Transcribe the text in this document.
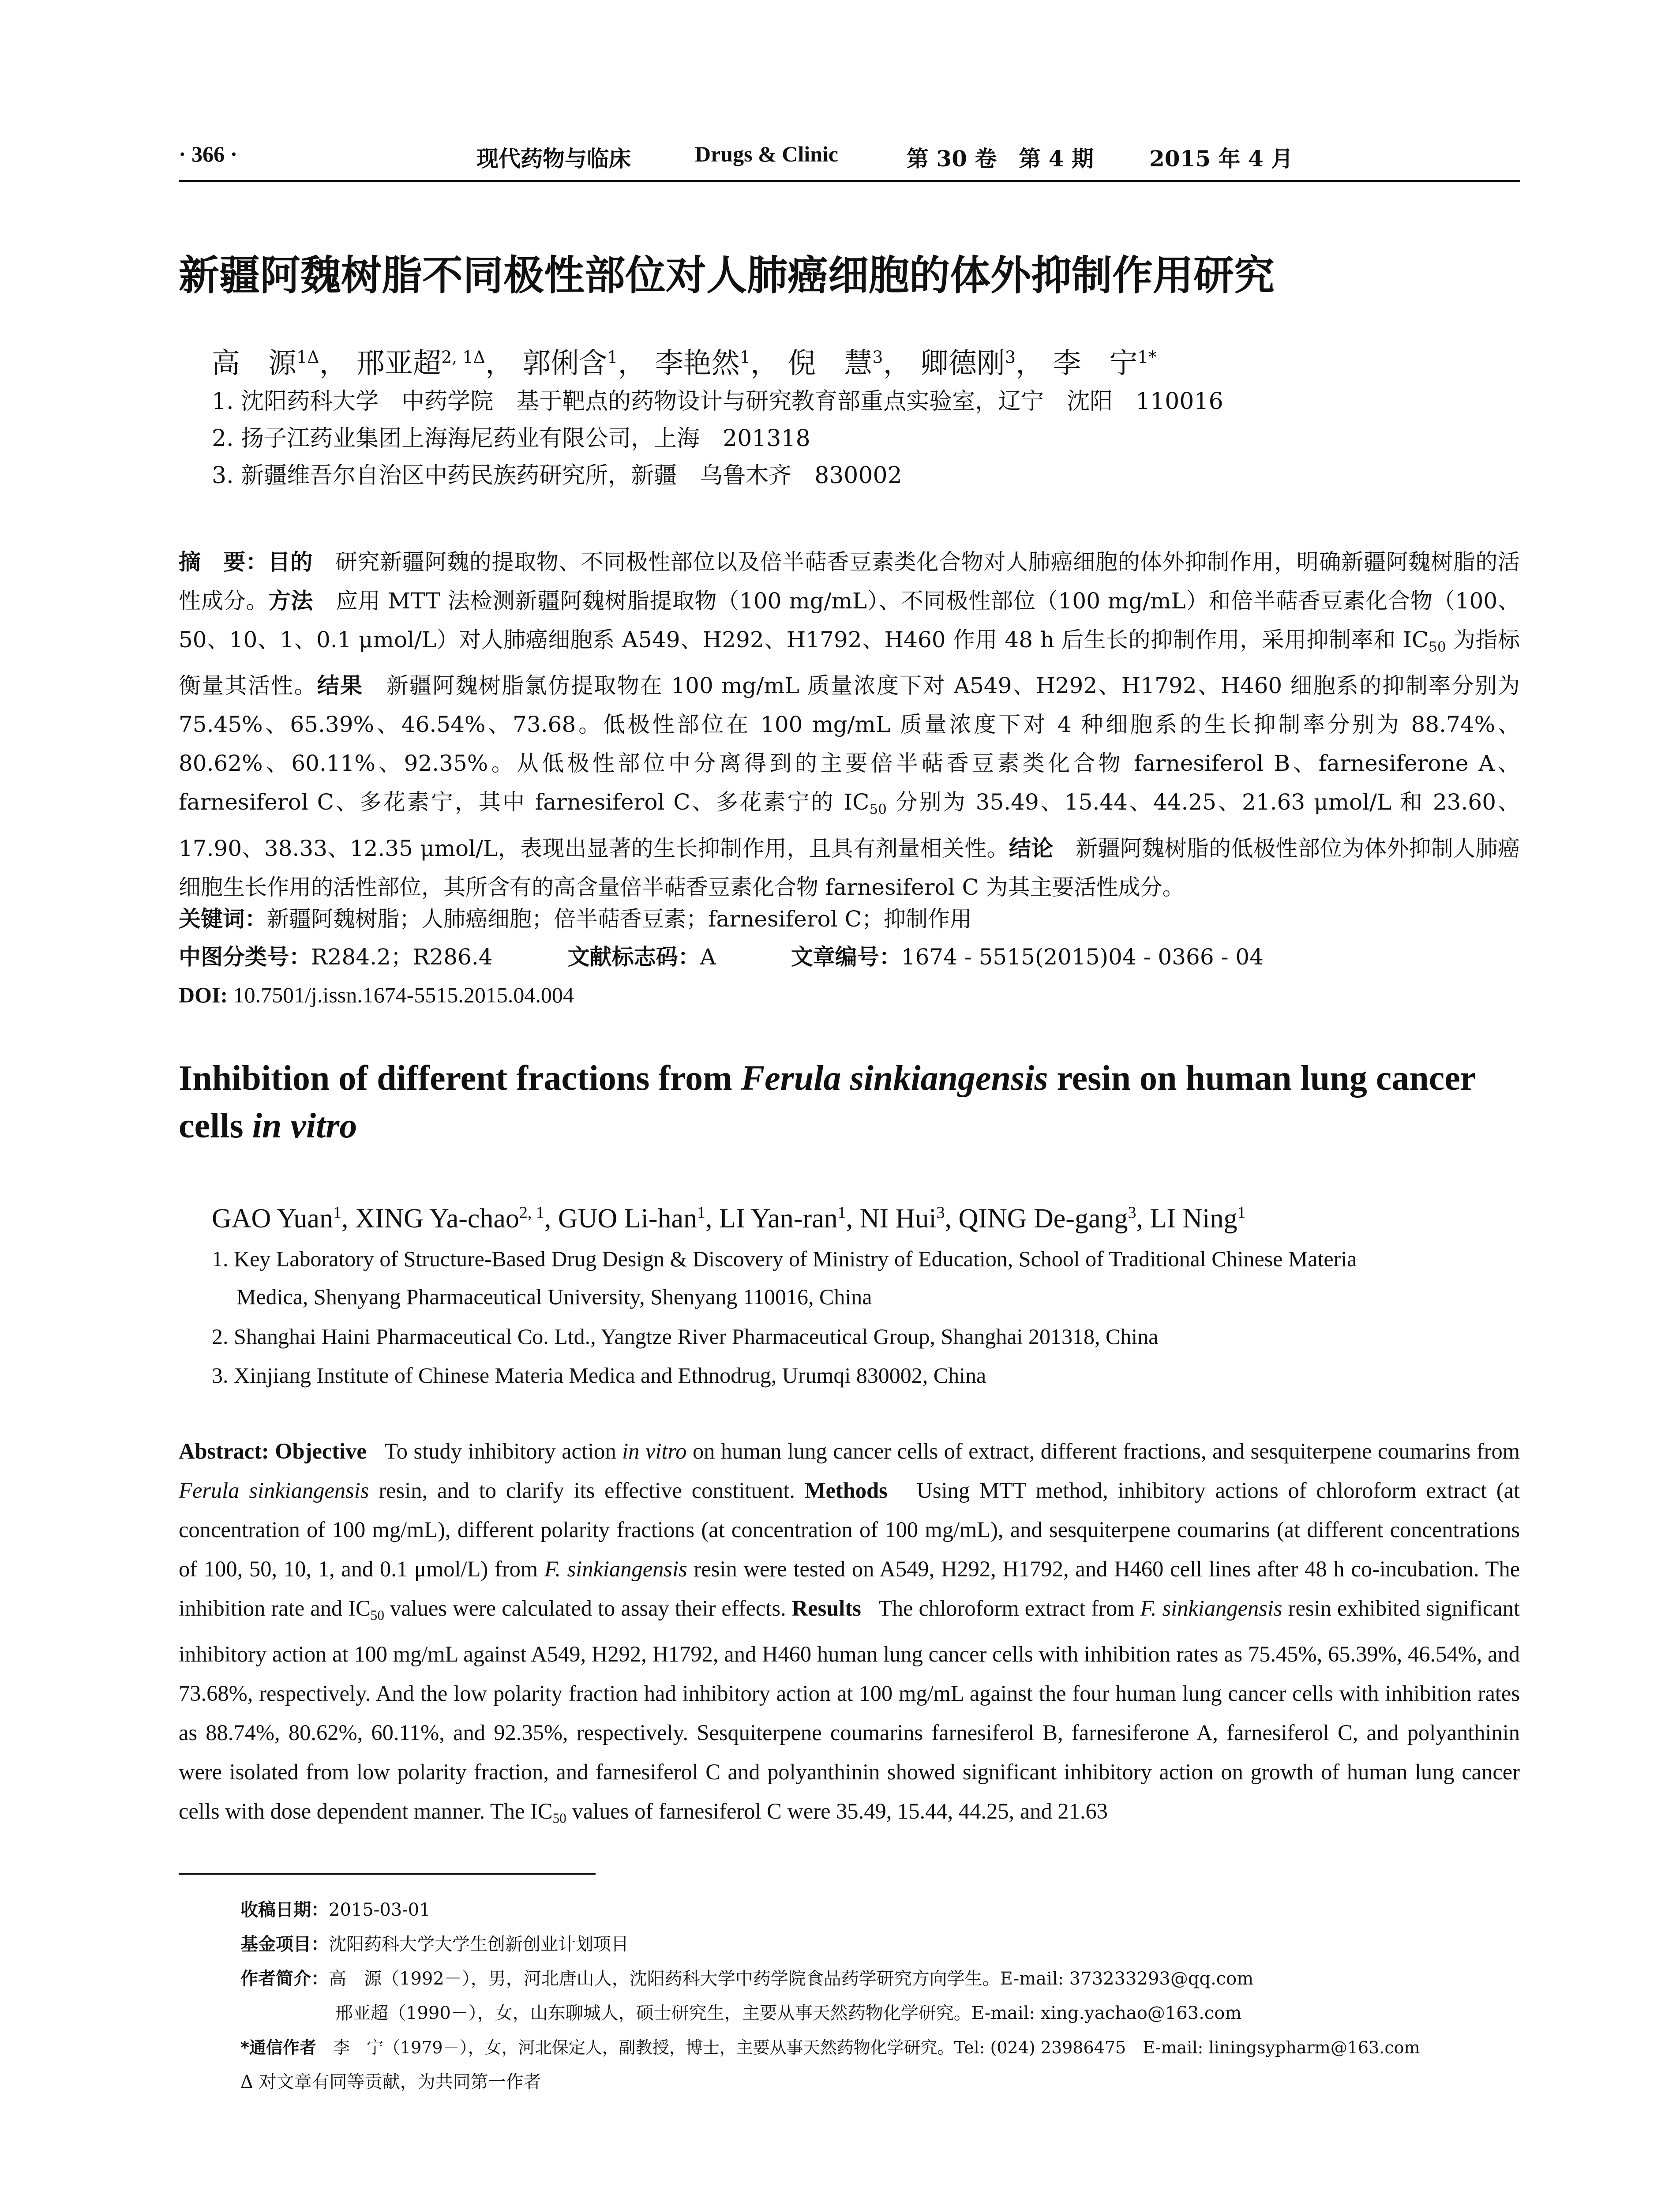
· 366 ·	现代药物与临床	Drugs & Clinic	第 30 卷　第 4 期	2015 年 4 月
新疆阿魏树脂不同极性部位对人肺癌细胞的体外抑制作用研究
高　源$^{1\Delta}$， 邢亚超$^{2, 1\Delta}$， 郭俐含$^1$， 李艳然$^1$， 倪　慧$^3$， 卿德刚$^3$， 李　宁$^{1*}$
1. 沈阳药科大学　中药学院　基于靶点的药物设计与研究教育部重点实验室，辽宁　沈阳　110016
2. 扬子江药业集团上海海尼药业有限公司，上海　201318
3. 新疆维吾尔自治区中药民族药研究所，新疆　乌鲁木齐　830002
摘　要：目的　 研究新疆阿魏的提取物、不同极性部位以及倍半萜香豆素类化合物对人肺癌细胞的体外抑制作用，明确新疆阿魏树脂的活性成分。方法　 应用 MTT 法检测新疆阿魏树脂提取物（100 mg/mL）、不同极性部位（100 mg/mL）和倍半萜香豆素化合物（100、50、10、1、0.1 μmol/L）对人肺癌细胞系 A549、H292、H1792、H460 作用 48 h 后生长的抑制作用，采用抑制率和 $IC_{50}$ 为指标衡量其活性。结果　 新疆阿魏树脂氯仿提取物在 100 mg/mL 质量浓度下对 A549、H292、H1792、H460 细胞系的抑制率分别为 75.45%、65.39%、46.54%、73.68。低极性部位在 100 mg/mL 质量浓度下对 4 种细胞系的生长抑制率分别为 88.74%、80.62%、60.11%、92.35%。从低极性部位中分离得到的主要倍半萜香豆素类化合物 farnesiferol B、farnesiferone A、farnesiferol C、多花素宁，其中 farnesiferol C、多花素宁的 $IC_{50}$ 分别为 35.49、15.44、44.25、21.63 μmol/L 和 23.60、17.90、38.33、12.35 μmol/L，表现出显著的生长抑制作用，且具有剂量相关性。结论　 新疆阿魏树脂的低极性部位为体外抑制人肺癌细胞生长作用的活性部位，其所含有的高含量倍半萜香豆素化合物 farnesiferol C 为其主要活性成分。
关键词：新疆阿魏树脂；人肺癌细胞；倍半萜香豆素；farnesiferol C；抑制作用
中图分类号：R284.2；R286.4	文献标志码：A	文章编号：1674 - 5515(2015)04 - 0366 - 04
DOI: 10.7501/j.issn.1674-5515.2015.04.004
Inhibition of different fractions from Ferula sinkiangensis resin on human lung cancer cells in vitro
GAO Yuan$^1$, XING Ya-chao$^{2, 1}$, GUO Li-han$^1$, LI Yan-ran$^1$, NI Hui$^3$, QING De-gang$^3$, LI Ning$^1$
1. Key Laboratory of Structure-Based Drug Design & Discovery of Ministry of Education, School of Traditional Chinese Materia
Medica, Shenyang Pharmaceutical University, Shenyang 110016, China
2. Shanghai Haini Pharmaceutical Co. Ltd., Yangtze River Pharmaceutical Group, Shanghai 201318, China
3. Xinjiang Institute of Chinese Materia Medica and Ethnodrug, Urumqi 830002, China
Abstract: Objective To study inhibitory action in vitro on human lung cancer cells of extract, different fractions, and sesquiterpene coumarins from Ferula sinkiangensis resin, and to clarify its effective constituent. Methods Using MTT method, inhibitory actions of chloroform extract (at concentration of 100 mg/mL), different polarity fractions (at concentration of 100 mg/mL), and sesquiterpene coumarins (at different concentrations of 100, 50, 10, 1, and 0.1 μmol/L) from F. sinkiangensis resin were tested on A549, H292, H1792, and H460 cell lines after 48 h co-incubation. The inhibition rate and $IC_{50}$ values were calculated to assay their effects. Results The chloroform extract from F. sinkiangensis resin exhibited significant inhibitory action at 100 mg/mL against A549, H292, H1792, and H460 human lung cancer cells with inhibition rates as 75.45%, 65.39%, 46.54%, and 73.68%, respectively. And the low polarity fraction had inhibitory action at 100 mg/mL against the four human lung cancer cells with inhibition rates as 88.74%, 80.62%, 60.11%, and 92.35%, respectively. Sesquiterpene coumarins farnesiferol B, farnesiferone A, farnesiferol C, and polyanthinin were isolated from low polarity fraction, and farnesiferol C and polyanthinin showed significant inhibitory action on growth of human lung cancer cells with dose dependent manner. The $IC_{50}$ values of farnesiferol C were 35.49, 15.44, 44.25, and 21.63
收稿日期：2015-03-01
基金项目：沈阳药科大学大学生创新创业计划项目
作者简介：高　源（1992－），男，河北唐山人，沈阳药科大学中药学院食品药学研究方向学生。E-mail: 373233293@qq.com
邢亚超（1990－），女，山东聊城人，硕士研究生，主要从事天然药物化学研究。E-mail: xing.yachao@163.com
*通信作者　 李　宁（1979－），女，河北保定人，副教授，博士，主要从事天然药物化学研究。Tel: (024) 23986475　E-mail: liningsypharm@163.com
Δ 对文章有同等贡献，为共同第一作者
